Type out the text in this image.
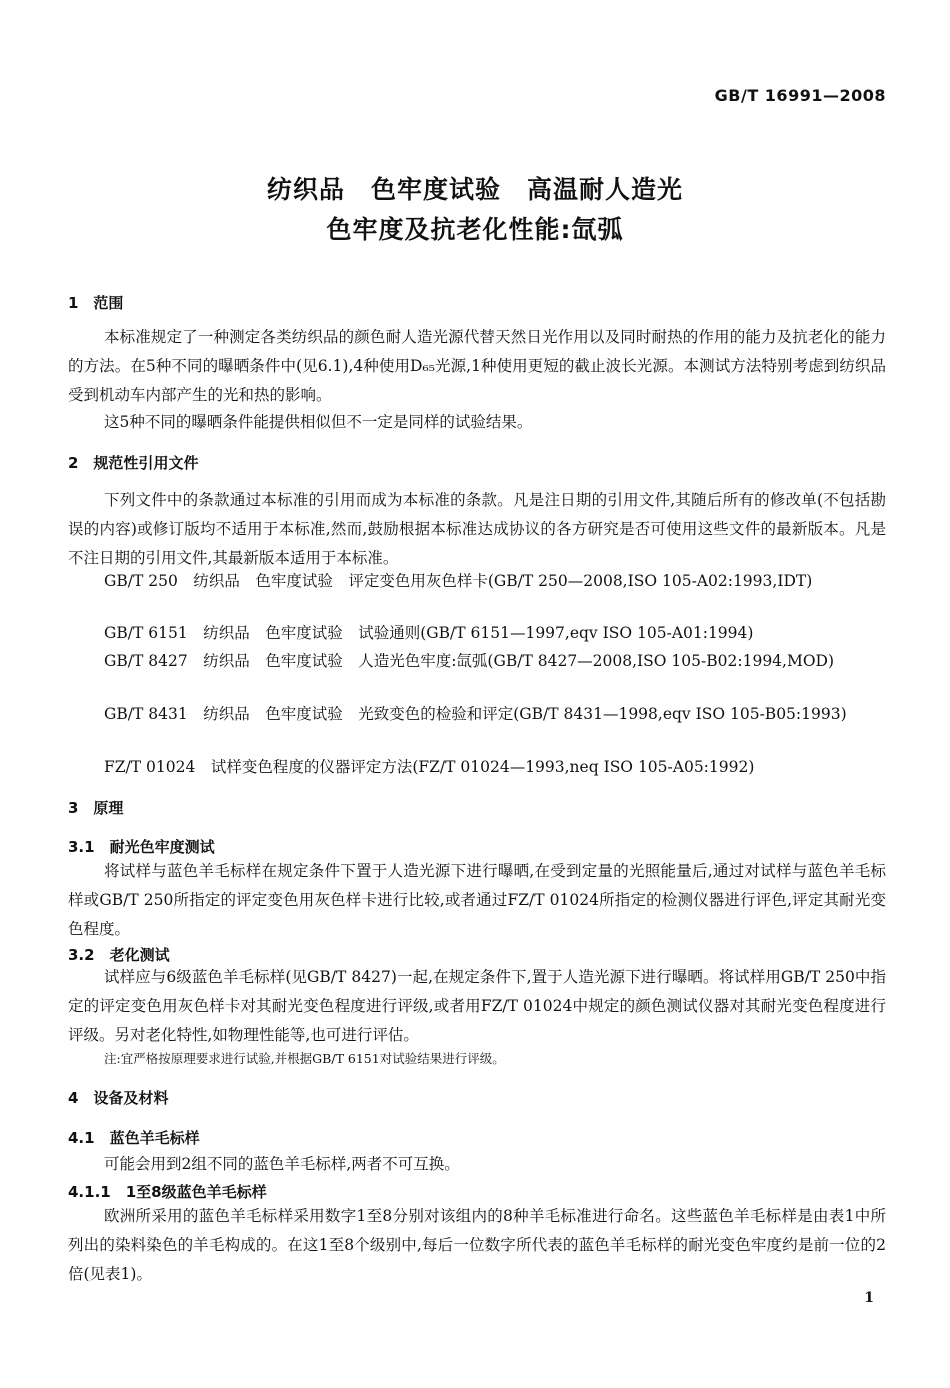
GB/T 16991—2008
纺织品　色牢度试验　高温耐人造光
色牢度及抗老化性能:氙弧
1　范围
本标准规定了一种测定各类纺织品的颜色耐人造光源代替天然日光作用以及同时耐热的作用的能力及抗老化的能力的方法。在5种不同的曝晒条件中(见6.1),4种使用D₆₅光源,1种使用更短的截止波长光源。本测试方法特别考虑到纺织品受到机动车内部产生的光和热的影响。
这5种不同的曝晒条件能提供相似但不一定是同样的试验结果。
2　规范性引用文件
下列文件中的条款通过本标准的引用而成为本标准的条款。凡是注日期的引用文件,其随后所有的修改单(不包括勘误的内容)或修订版均不适用于本标准,然而,鼓励根据本标准达成协议的各方研究是否可使用这些文件的最新版本。凡是不注日期的引用文件,其最新版本适用于本标准。
GB/T 250　纺织品　色牢度试验　评定变色用灰色样卡(GB/T 250—2008,ISO 105-A02:1993,IDT)
GB/T 6151　纺织品　色牢度试验　试验通则(GB/T 6151—1997,eqv ISO 105-A01:1994)
GB/T 8427　纺织品　色牢度试验　人造光色牢度:氙弧(GB/T 8427—2008,ISO 105-B02:1994,MOD)
GB/T 8431　纺织品　色牢度试验　光致变色的检验和评定(GB/T 8431—1998,eqv ISO 105-B05:1993)
FZ/T 01024　试样变色程度的仪器评定方法(FZ/T 01024—1993,neq ISO 105-A05:1992)
3　原理
3.1　耐光色牢度测试
将试样与蓝色羊毛标样在规定条件下置于人造光源下进行曝晒,在受到定量的光照能量后,通过对试样与蓝色羊毛标样或GB/T 250所指定的评定变色用灰色样卡进行比较,或者通过FZ/T 01024所指定的检测仪器进行评色,评定其耐光变色程度。
3.2　老化测试
试样应与6级蓝色羊毛标样(见GB/T 8427)一起,在规定条件下,置于人造光源下进行曝晒。将试样用GB/T 250中指定的评定变色用灰色样卡对其耐光变色程度进行评级,或者用FZ/T 01024中规定的颜色测试仪器对其耐光变色程度进行评级。另对老化特性,如物理性能等,也可进行评估。
注:宜严格按原理要求进行试验,并根据GB/T 6151对试验结果进行评级。
4　设备及材料
4.1　蓝色羊毛标样
可能会用到2组不同的蓝色羊毛标样,两者不可互换。
4.1.1　1至8级蓝色羊毛标样
欧洲所采用的蓝色羊毛标样采用数字1至8分别对该组内的8种羊毛标准进行命名。这些蓝色羊毛标样是由表1中所列出的染料染色的羊毛构成的。在这1至8个级别中,每后一位数字所代表的蓝色羊毛标样的耐光变色牢度约是前一位的2倍(见表1)。
1
